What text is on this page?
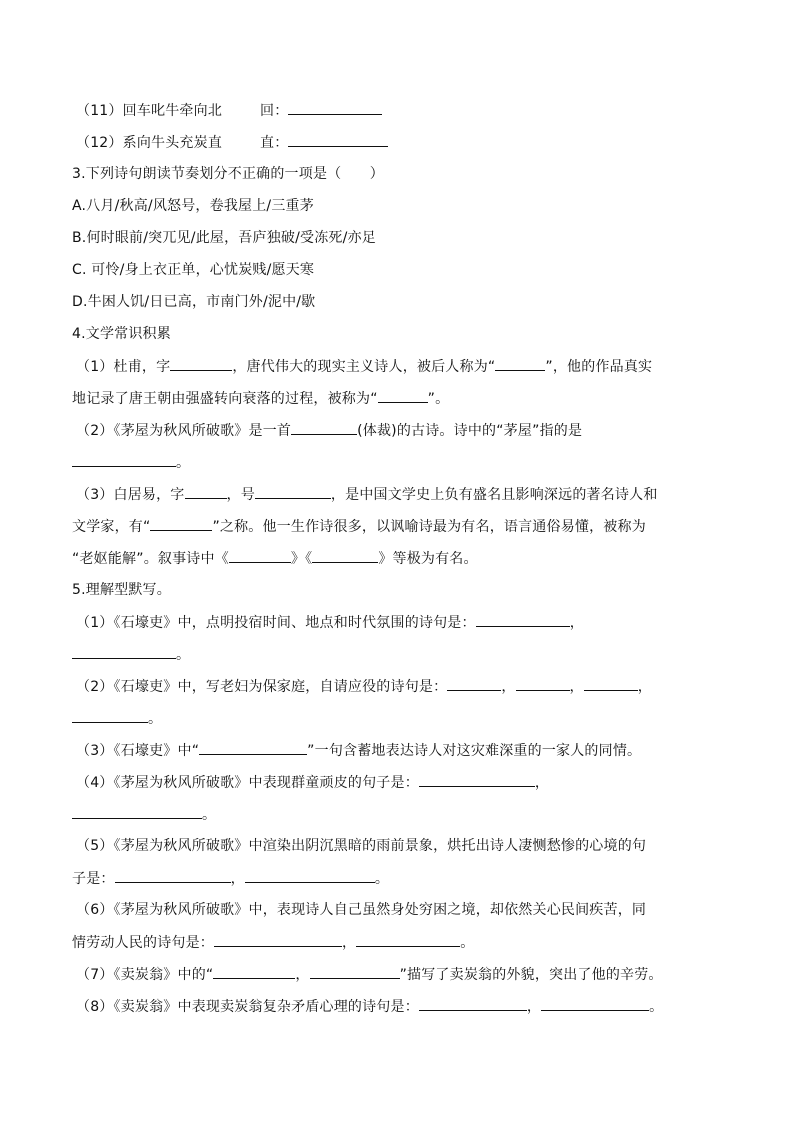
（11）回车叱牛牵向北	回：
（12）系向牛头充炭直	直：
3.下列诗句朗读节奏划分不正确的一项是（　　）
A.八月/秋高/风怒号，卷我屋上/三重茅
B.何时眼前/突兀见/此屋，吾庐独破/受冻死/亦足
C. 可怜/身上衣正单，心忧炭贱/愿天寒
D.牛困人饥/日已高，市南门外/泥中/歇
4.文学常识积累
（1）杜甫，字	，唐代伟大的现实主义诗人，被后人称为“	”，他的作品真实
地记录了唐王朝由强盛转向衰落的过程，被称为“	”。
（2）《茅屋为秋风所破歌》是一首	(体裁)的古诗。诗中的“茅屋”指的是
。
（3）白居易，字	，号	，是中国文学史上负有盛名且影响深远的著名诗人和
文学家，有“	”之称。他一生作诗很多，以讽喻诗最为有名，语言通俗易懂，被称为
“老妪能解”。叙事诗中《	》《	》等极为有名。
5.理解型默写。
（1）《石壕吏》中，点明投宿时间、地点和时代氛围的诗句是：	，
。
（2）《石壕吏》中，写老妇为保家庭，自请应役的诗句是：	，	，	，
。
（3）《石壕吏》中“	”一句含蓄地表达诗人对这灾难深重的一家人的同情。
（4）《茅屋为秋风所破歌》中表现群童顽皮的句子是：	，
。
（5）《茅屋为秋风所破歌》中渲染出阴沉黑暗的雨前景象，烘托出诗人凄恻愁惨的心境的句
子是：	，	。
（6）《茅屋为秋风所破歌》中，表现诗人自己虽然身处穷困之境，却依然关心民间疾苦，同
情劳动人民的诗句是：	，	。
（7）《卖炭翁》中的“	，	”描写了卖炭翁的外貌，突出了他的辛劳。
（8）《卖炭翁》中表现卖炭翁复杂矛盾心理的诗句是：	，	。
